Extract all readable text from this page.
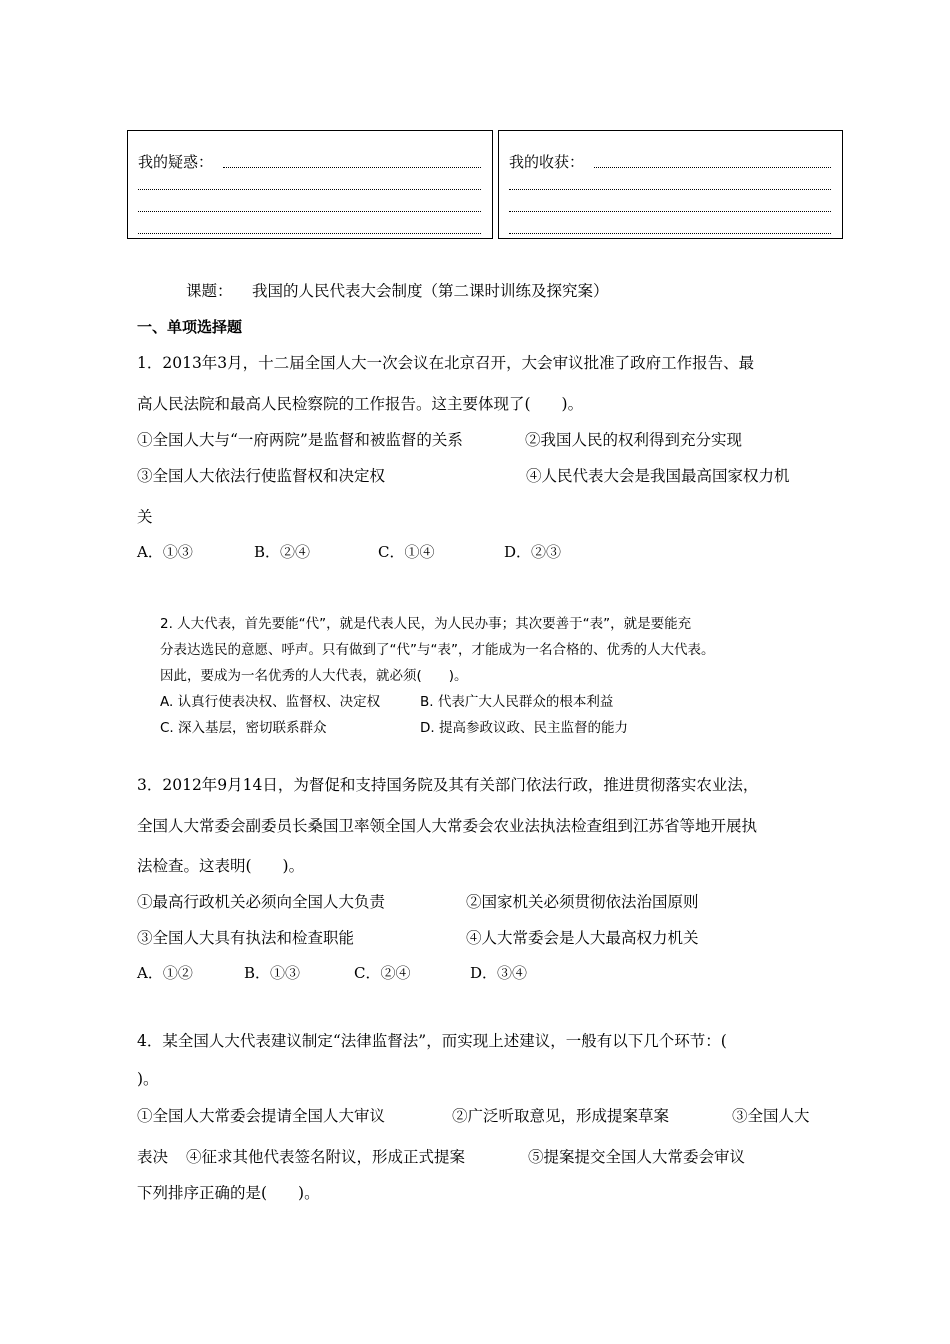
我的疑惑：	我的收获：
课题： 我国的人民代表大会制度（第二课时训练及探究案）
一、单项选择题
1．2013年3月，十二届全国人大一次会议在北京召开，大会审议批准了政府工作报告、最
高人民法院和最高人民检察院的工作报告。这主要体现了(　　)。
①全国人大与“一府两院”是监督和被监督的关系	②我国人民的权利得到充分实现
③全国人大依法行使监督权和决定权	④人民代表大会是我国最高国家权力机
关
A．①③	B．②④	C．①④	D．②③
2. 人大代表，首先要能“代”，就是代表人民，为人民办事；其次要善于“表”，就是要能充
分表达选民的意愿、呼声。只有做到了“代”与“表”，才能成为一名合格的、优秀的人大代表。
因此，要成为一名优秀的人大代表，就必须(　　)。
A. 认真行使表决权、监督权、决定权	B. 代表广大人民群众的根本利益
C. 深入基层，密切联系群众	D. 提高参政议政、民主监督的能力
3．2012年9月14日，为督促和支持国务院及其有关部门依法行政，推进贯彻落实农业法，
全国人大常委会副委员长桑国卫率领全国人大常委会农业法执法检查组到江苏省等地开展执
法检查。这表明(　　)。
①最高行政机关必须向全国人大负责	②国家机关必须贯彻依法治国原则
③全国人大具有执法和检查职能	④人大常委会是人大最高权力机关
A．①②	B．①③	C．②④	D．③④
4．某全国人大代表建议制定“法律监督法”，而实现上述建议，一般有以下几个环节：(
)。
①全国人大常委会提请全国人大审议	②广泛听取意见，形成提案草案	③全国人大
表决 ④征求其他代表签名附议，形成正式提案	⑤提案提交全国人大常委会审议
下列排序正确的是(　　)。
